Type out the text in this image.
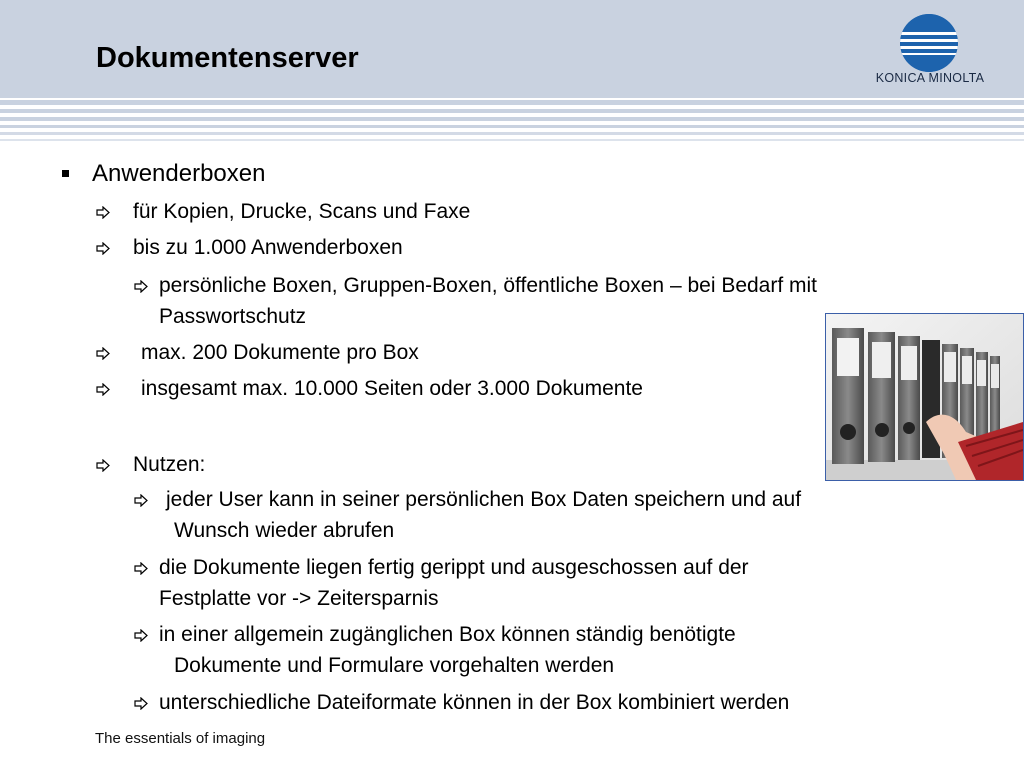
Dokumentenserver
KONICA MINOLTA
Anwenderboxen
für Kopien, Drucke, Scans und Faxe
bis zu 1.000 Anwenderboxen
persönliche Boxen, Gruppen-Boxen, öffentliche Boxen – bei Bedarf mit
Passwortschutz
max. 200 Dokumente pro Box
insgesamt max. 10.000 Seiten oder 3.000 Dokumente
Nutzen:
jeder User kann in seiner persönlichen Box Daten speichern und auf
Wunsch wieder abrufen
die Dokumente liegen fertig gerippt und ausgeschossen auf der
Festplatte vor -> Zeitersparnis
in einer allgemein zugänglichen Box können ständig benötigte
Dokumente und Formulare vorgehalten werden
unterschiedliche Dateiformate können in der Box kombiniert werden
The essentials of imaging
